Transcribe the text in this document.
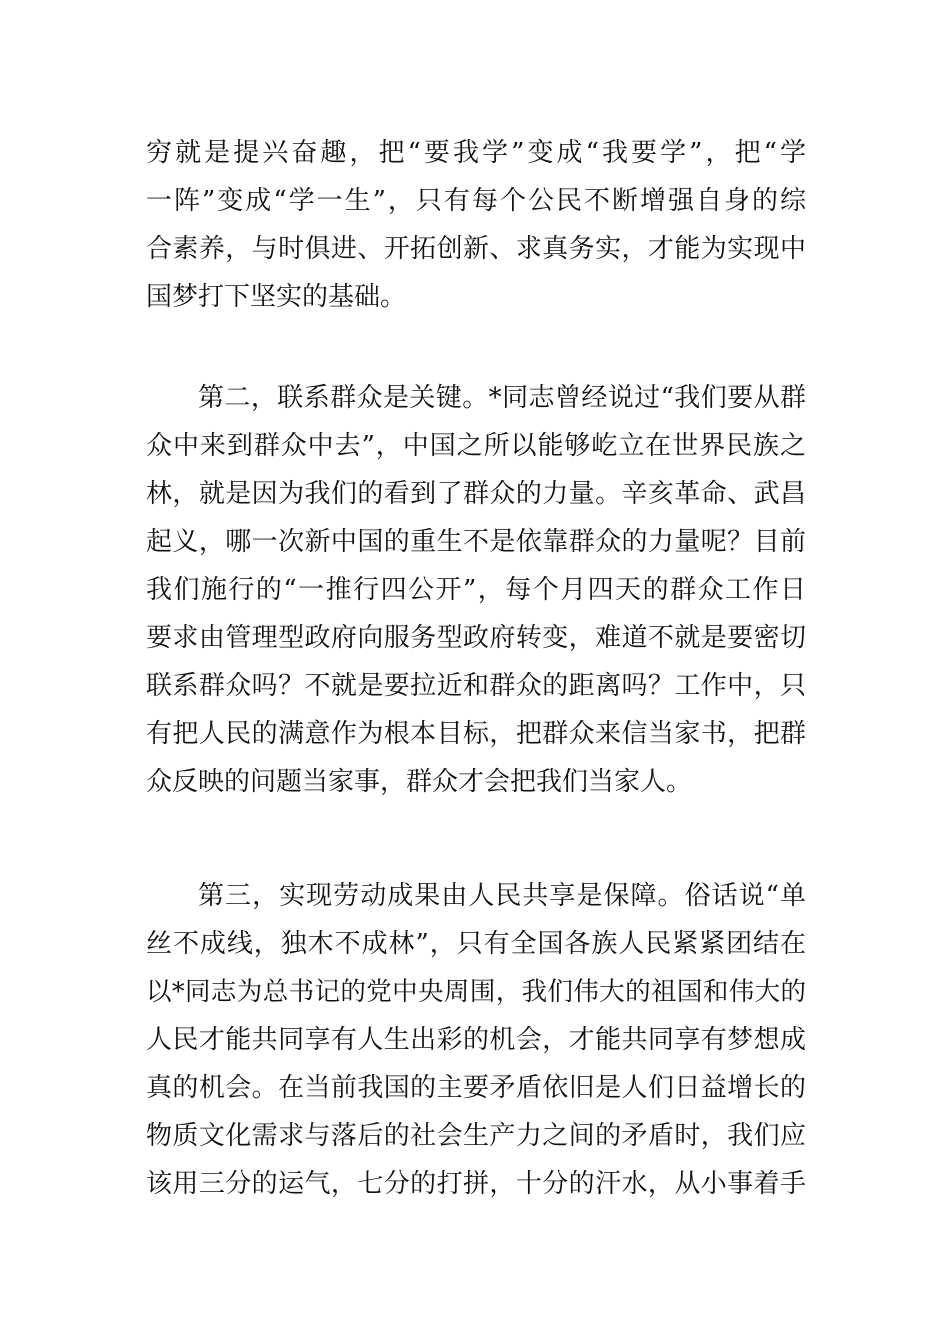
穷就是提兴奋趣，把“要我学”变成“我要学”，把“学
一阵”变成“学一生”，只有每个公民不断增强自身的综
合素养，与时俱进、开拓创新、求真务实，才能为实现中
国梦打下坚实的基础。
第二，联系群众是关键。*同志曾经说过“我们要从群
众中来到群众中去”，中国之所以能够屹立在世界民族之
林，就是因为我们的看到了群众的力量。辛亥革命、武昌
起义，哪一次新中国的重生不是依靠群众的力量呢？目前
我们施行的“一推行四公开”，每个月四天的群众工作日
要求由管理型政府向服务型政府转变，难道不就是要密切
联系群众吗？不就是要拉近和群众的距离吗？工作中，只
有把人民的满意作为根本目标，把群众来信当家书，把群
众反映的问题当家事，群众才会把我们当家人。
第三，实现劳动成果由人民共享是保障。俗话说“单
丝不成线，独木不成林”，只有全国各族人民紧紧团结在
以*同志为总书记的党中央周围，我们伟大的祖国和伟大的
人民才能共同享有人生出彩的机会，才能共同享有梦想成
真的机会。在当前我国的主要矛盾依旧是人们日益增长的
物质文化需求与落后的社会生产力之间的矛盾时，我们应
该用三分的运气，七分的打拼，十分的汗水，从小事着手
